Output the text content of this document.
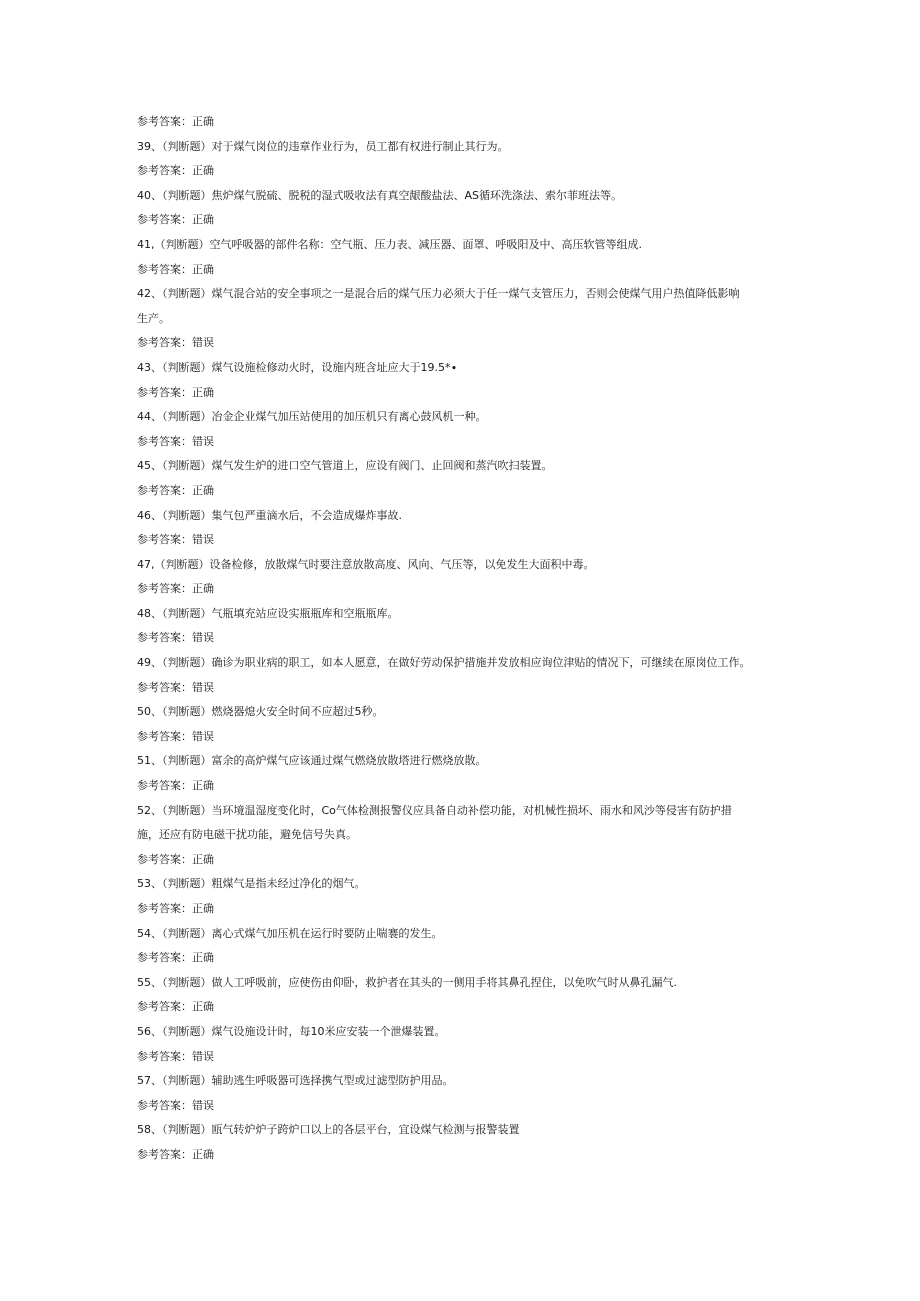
参考答案：正确
39、（判断题）对于煤气岗位的违章作业行为，员工都有权进行制止其行为。
参考答案：正确
40、（判断题）焦炉煤气脱硫、脱税的湿式吸收法有真空龈酸盐法、AS循环洗涤法、索尔菲班法等。
参考答案：正确
41,（判断题）空气呼吸器的部件名称：空气瓶、压力表、减压器、面罩、呼吸阳及中、高压软管等组成.
参考答案：正确
42、（判断题）煤气混合站的安全事项之一是混合后的煤气压力必须大于任一煤气支管压力，否则会使煤气用户热值降低影响
生产。
参考答案：错误
43、（判断题）煤气设施检修动火时，设施内班含址应大于19.5*∙
参考答案：正确
44、（判断题）冶金企业煤气加压站使用的加压机只有离心鼓风机一种。
参考答案：错误
45、（判断题）煤气发生炉的进口空气管道上，应设有阀门、止回阀和蒸汽吹扫装置。
参考答案：正确
46、（判断题）集气包严重滴水后，不会造成爆炸事故.
参考答案：错误
47,（判断题）设备检修，放散煤气时要注意放散高度、风向、气压等，以免发生大面积中毒。
参考答案：正确
48、（判断题）气瓶填充站应设实瓶瓶库和空瓶瓶库。
参考答案：错误
49、（判断题）确诊为职业病的职工，如本人愿意，在做好劳动保护措施并发放相应询位津贴的情况下，可继续在原岗位工作。
参考答案：错误
50、（判断题）燃烧器熄火安全时间不应超过5秒。
参考答案：错误
51、（判断题）富余的高炉煤气应该通过煤气燃烧放散塔进行燃烧放散。
参考答案：正确
52、（判断题）当环境温湿度变化时，Co气体检测报警仪应具备自动补偿功能，对机械性损坏、雨水和风沙等侵害有防护措
施，还应有防电磁干扰功能，避免信号失真。
参考答案：正确
53、（判断题）粗煤气是指未经过净化的烟气。
参考答案：正确
54、（判断题）离心式煤气加压机在运行时要防止喘褰的发生。
参考答案：正确
55、（判断题）做人工呼吸前，应使伤由仰卧，救护者在其头的一侧用手将其鼻孔捏住，以免吹气时从鼻孔漏气.
参考答案：正确
56、（判断题）煤气设施设计时，每10米应安装一个泄爆装置。
参考答案：错误
57、（判断题）辅助逃生呼吸器可选择携气型或过滤型防护用品。
参考答案：错误
58、（判断题）瓯气转炉炉子跨炉口以上的各层平台，宜设煤气检测与报警装置
参考答案：正确
